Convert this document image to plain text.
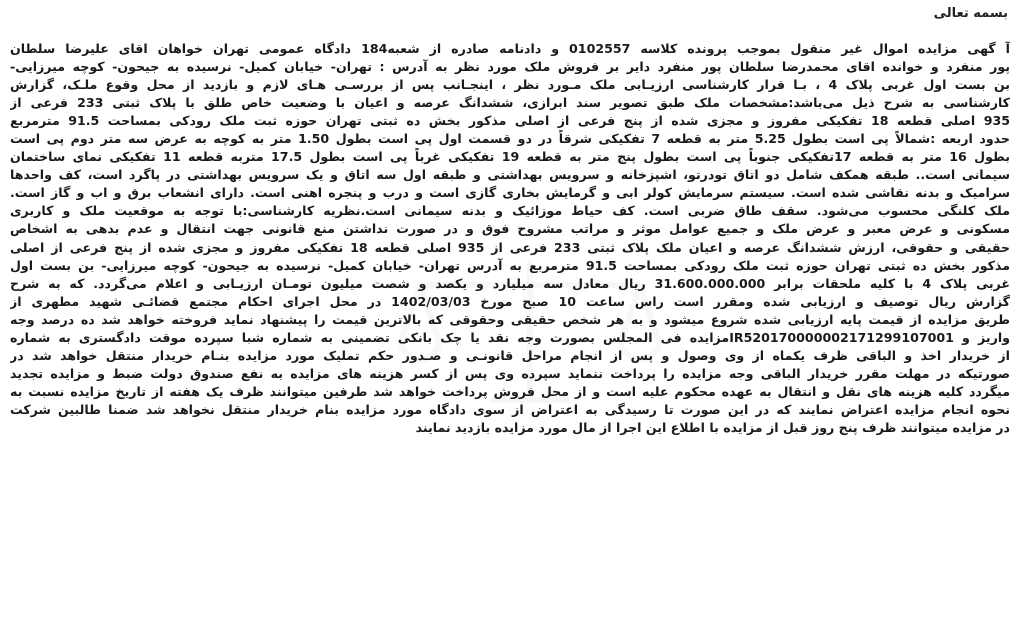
بسمه تعالی
آ گهی مزایده اموال غیر منقول بموجب پرونده کلاسه 0102557 و دادنامه صادره از شعبه184 دادگاه عمومی تهران خواهان اقای علیرضا سلطان
پور منفرد و خوانده اقای محمدرضا سلطان پور منفرد دایر بر فروش ملک مورد نظر به آدرس : تهران- خیابان کمیل- نرسیده به جیحون- کوچه میرزایی-
بن بست اول غربی پلاک 4 ، بـا قرار کارشناسی ارزیـابی ملک مـورد نظر ، اینجـانب پس از بررسـی هـای لازم و بازدید از محل وقوع ملـک، گزارش
کارشناسی به شرح ذیل می‌باشد:مشخصات ملک طبق تصویر سند ابرازی، ششدانگ عرصه و اعیان با وضعیت خاص طلق با پلاک ثبتی 233 فرعی از
935 اصلی قطعه 18 تفکیکی مفروز و مجزی شده از پنج فرعی از اصلی مذکور بخش ده ثبتی تهران حوزه ثبت ملک رودکی بمساحت 91.5 مترمربع
حدود اربعه :شمالاً پی است بطول 5.25 متر به قطعه 7 تفکیکی شرقاً در دو قسمت اول پی است بطول 1.50 متر به کوچه به عرض سه متر دوم پی است
بطول 16 متر به قطعه 17تفکیکی جنوباً پی است بطول پنج متر به قطعه 19 تفکیکی غرباً پی است بطول 17.5 متربه قطعه 11 تفکیکی نمای ساختمان
سیمانی است.. طبقه همکف شامل دو اتاق تودرتو، اشپزخانه و سرویس بهداشتی و طبقه اول سه اتاق و یک سرویس بهداشتی در پاگرد است، کف واحدها
سرامیک و بدنه نقاشی شده است. سیستم سرمایش کولر ابی و گرمایش بخاری گازی است و درب و پنجره اهنی است. دارای انشعاب برق و اب و گاز است.
ملک کلنگی محسوب می‌شود. سقف طاق ضربی است. کف حیاط موزائیک و بدنه سیمانی است.نظریه کارشناسی:با توجه به موقعیت ملک و کاربری
مسکونی و عرض معبر و عرض ملک و جمیع عوامل موثر و مراتب مشروح فوق و در صورت نداشتن منع قانونی جهت انتقال و عدم بدهی به اشخاص
حقیقی و حقوقی، ارزش ششدانگ عرصه و اعیان ملک پلاک ثبتی 233 فرعی از 935 اصلی قطعه 18 تفکیکی مفروز و مجزی شده از پنج فرعی از اصلی
مذکور بخش ده ثبتی تهران حوزه ثبت ملک رودکی بمساحت 91.5 مترمربع به آدرس تهران- خیابان کمیل- نرسیده به جیحون- کوچه میرزایی- بن بست اول
غربی پلاک 4 با کلیه ملحقات برابر 31.600.000.000 ریال معادل سه میلیارد و یکصد و شصت میلیون تومـان ارزیـابی و اعلام می‌گردد. که به شرح
گزارش ریال توصیف و ارزیابی شده ومقرر است راس ساعت 10 صبح مورخ 1402/03/03 در محل اجرای احکام مجتمع قضائـی شهید مطهری از
طریق مزایده از قیمت پایه ارزیابی شده شروع میشود و به هر شخص حقیقی وحقوقی که بالاترین قیمت را پیشنهاد نماید فروخته خواهد شد ده درصد وجه
واریز و IR520170000002171299107001مزایده فی المجلس بصورت وجه نقد یا چک بانکی تضمینی به شماره شبا سپرده موقت دادگستری به شماره
از خریدار اخذ و الباقی ظرف یکماه از وی وصول و پس از انجام مراحل قانونـی و صـدور حکم تملیک مورد مزایده بنـام خریدار منتقل خواهد شد در
صورتیکه در مهلت مقرر خریدار الباقی وجه مزایده را پرداخت ننماید سپرده وی پس از کسر هزینه های مزایده به نفع صندوق دولت ضبط و مزایده تجدید
میگردد کلیه هزینه های نقل و انتقال به عهده محکوم علیه است و از محل فروش پرداخت خواهد شد طرفین میتوانند ظرف یک هفته از تاریخ مزایده نسبت به
نحوه انجام مزایده اعتراض نمایند که در این صورت تا رسیدگی به اعتراض از سوی دادگاه مورد مزایده بنام خریدار منتقل نخواهد شد ضمنا طالبین شرکت
در مزایده میتوانند ظرف پنج روز قبل از مزایده با اطلاع این اجرا از مال مورد مزایده بازدید نمایند
